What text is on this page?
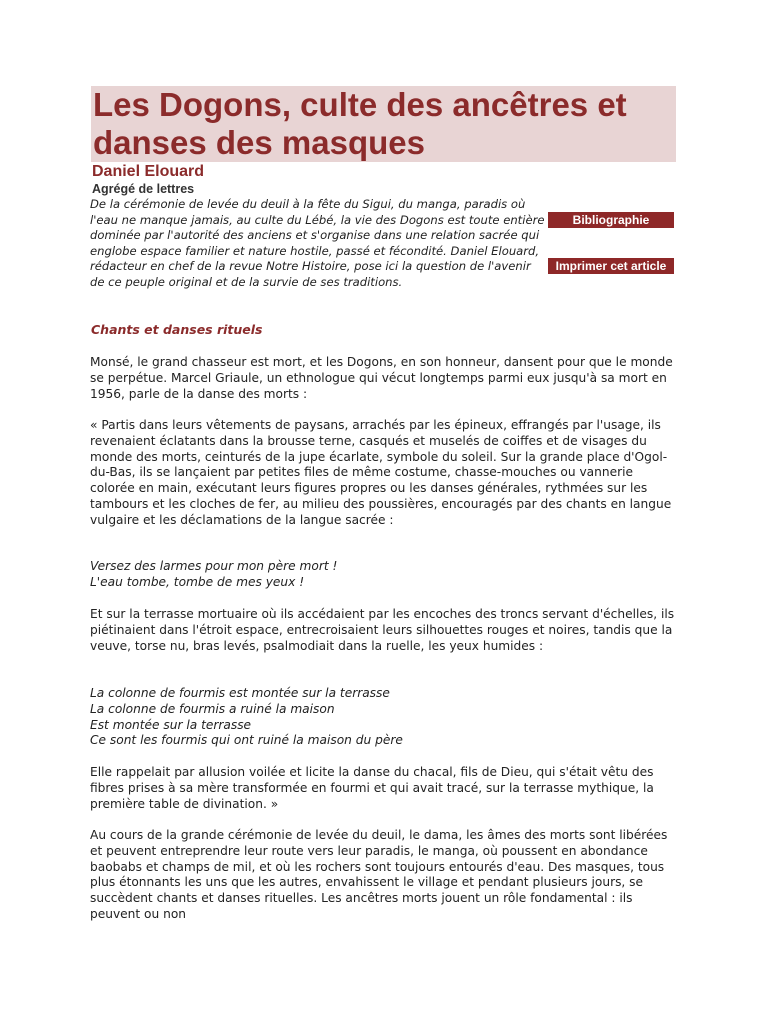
Les Dogons, culte des ancêtres et danses des masques
Daniel Elouard
Agrégé de lettres
De la cérémonie de levée du deuil à la fête du Sigui, du manga, paradis où l'eau ne manque jamais, au culte du Lébé, la vie des Dogons est toute entière dominée par l'autorité des anciens et s'organise dans une relation sacrée qui englobe espace familier et nature hostile, passé et fécondité. Daniel Elouard, rédacteur en chef de la revue Notre Histoire, pose ici la question de l'avenir de ce peuple original et de la survie de ses traditions.
Bibliographie
Imprimer cet article
Chants et danses rituels

Monsé, le grand chasseur est mort, et les Dogons, en son honneur, dansent pour que le monde se perpétue. Marcel Griaule, un ethnologue qui vécut longtemps parmi eux jusqu'à sa mort en 1956, parle de la danse des morts :

« Partis dans leurs vêtements de paysans, arrachés par les épineux, effrangés par l'usage, ils revenaient éclatants dans la brousse terne, casqués et muselés de coiffes et de visages du monde des morts, ceinturés de la jupe écarlate, symbole du soleil. Sur la grande place d'Ogol-du-Bas, ils se lançaient par petites files de même costume, chasse-mouches ou vannerie colorée en main, exécutant leurs figures propres ou les danses générales, rythmées sur les tambours et les cloches de fer, au milieu des poussières, encouragés par des chants en langue vulgaire et les déclamations de la langue sacrée :

Versez des larmes pour mon père mort !
L'eau tombe, tombe de mes yeux !

Et sur la terrasse mortuaire où ils accédaient par les encoches des troncs servant d'échelles, ils piétinaient dans l'étroit espace, entrecroisaient leurs silhouettes rouges et noires, tandis que la veuve, torse nu, bras levés, psalmodiait dans la ruelle, les yeux humides :

La colonne de fourmis est montée sur la terrasse
La colonne de fourmis a ruiné la maison
Est montée sur la terrasse
Ce sont les fourmis qui ont ruiné la maison du père

Elle rappelait par allusion voilée et licite la danse du chacal, fils de Dieu, qui s'était vêtu des fibres prises à sa mère transformée en fourmi et qui avait tracé, sur la terrasse mythique, la première table de divination. »

Au cours de la grande cérémonie de levée du deuil, le dama, les âmes des morts sont libérées et peuvent entreprendre leur route vers leur paradis, le manga, où poussent en abondance baobabs et champs de mil, et où les rochers sont toujours entourés d'eau. Des masques, tous plus étonnants les uns que les autres, envahissent le village et pendant plusieurs jours, se succèdent chants et danses rituelles. Les ancêtres morts jouent un rôle fondamental : ils peuvent ou non
